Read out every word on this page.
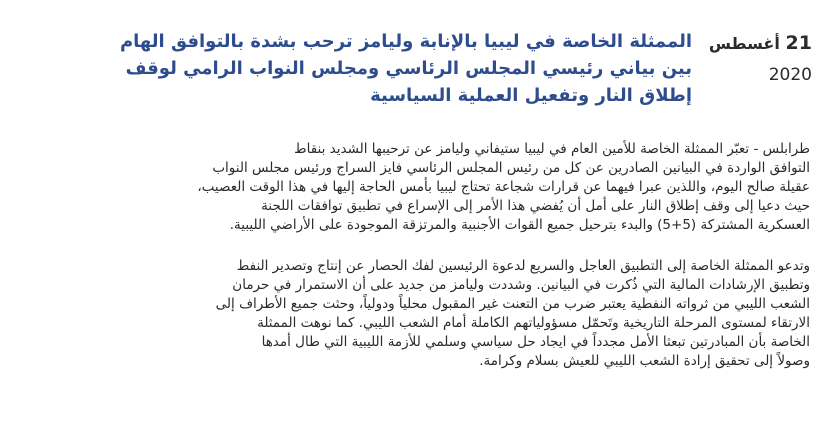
21 أغسطس
2020
الممثلة الخاصة في ليبيا بالإنابة وليامز ترحب بشدة بالتوافق الهام
بين بياني رئيسي المجلس الرئاسي ومجلس النواب الرامي لوقف
إطلاق النار وتفعيل العملية السياسية

طرابلس - تعبّر الممثلة الخاصة للأمين العام في ليبيا ستيفاني وليامز عن ترحيبها الشديد بنقاط
التوافق الواردة في البيانين الصادرين عن كل من رئيس المجلس الرئاسي فايز السراج ورئيس مجلس النواب
عقيلة صالح اليوم، واللذين عبرا فيهما عن قرارات شجاعة تحتاج ليبيا بأمس الحاجة إليها في هذا الوقت العصيب،
حيث دعيا إلى وقف إطلاق النار على أمل أن يُفضي هذا الأمر إلى الإسراع في تطبيق توافقات اللجنة
العسكرية المشتركة (5+5) والبدء بترحيل جميع القوات الأجنبية والمرتزقة الموجودة على الأراضي الليبية.

وتدعو الممثلة الخاصة إلى التطبيق العاجل والسريع لدعوة الرئيسين لفك الحصار عن إنتاج وتصدير النفط
وتطبيق الإرشادات المالية التي ذُكرت في البيانين. وشددت وليامز من جديد على أن الاستمرار في حرمان
الشعب الليبي من ثرواته النفطية يعتبر ضرب من التعنت غير المقبول محلياً ودولياً، وحثت جميع الأطراف إلى
الارتقاء لمستوى المرحلة التاريخية وتَحمّل مسؤولياتهم الكاملة أمام الشعب الليبي. كما نوهت الممثلة
الخاصة بأن المبادرتين تبعثا الأمل مجدداً في ايجاد حل سياسي وسلمي للأزمة الليبية التي طال أمدها
وصولاً إلى تحقيق إرادة الشعب الليبي للعيش بسلام وكرامة.
